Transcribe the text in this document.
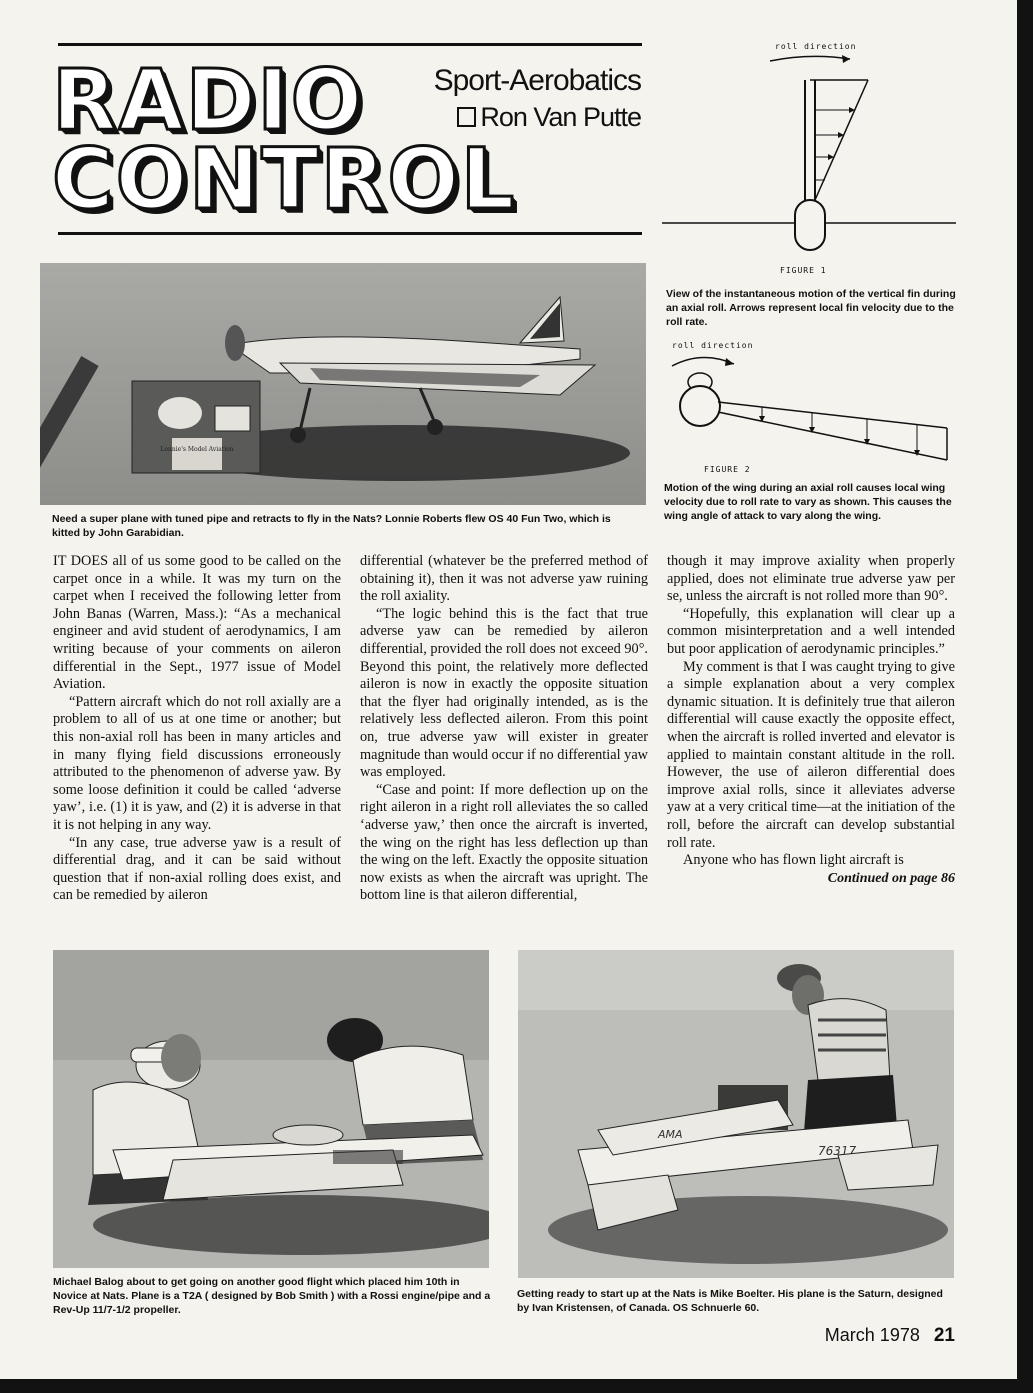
RADIO
CONTROL
Sport-Aerobatics
Ron Van Putte
roll direction
FIGURE 1
View of the instantaneous motion of the vertical fin during an axial roll. Arrows represent local fin velocity due to the roll rate.
roll direction
FIGURE 2
Motion of the wing during an axial roll causes local wing velocity due to roll rate to vary as shown. This causes the wing angle of attack to vary along the wing.
Lonnie's Model Aviation
Need a super plane with tuned pipe and retracts to fly in the Nats? Lonnie Roberts flew OS 40 Fun Two, which is kitted by John Garabidian.

IT DOES all of us some good to be called on the carpet once in a while. It was my turn on the carpet when I received the following letter from John Banas (Warren, Mass.): “As a mechanical engineer and avid student of aerodynamics, I am writing because of your comments on aileron differential in the Sept., 1977 issue of Model Aviation.

“Pattern aircraft which do not roll axially are a problem to all of us at one time or another; but this non-axial roll has been in many articles and in many flying field discussions erroneously attributed to the phenomenon of adverse yaw. By some loose definition it could be called ‘adverse yaw’, i.e. (1) it is yaw, and (2) it is adverse in that it is not helping in any way.

“In any case, true adverse yaw is a result of differential drag, and it can be said without question that if non-axial rolling does exist, and can be remedied by aileron

differential (whatever be the preferred method of obtaining it), then it was not adverse yaw ruining the roll axiality.

“The logic behind this is the fact that true adverse yaw can be remedied by aileron differential, provided the roll does not exceed 90°. Beyond this point, the relatively more deflected aileron is now in exactly the opposite situation that the flyer had originally intended, as is the relatively less deflected aileron. From this point on, true adverse yaw will exister in greater magnitude than would occur if no differential yaw was employed.

“Case and point: If more deflection up on the right aileron in a right roll alleviates the so called ‘adverse yaw,’ then once the aircraft is inverted, the wing on the right has less deflection up than the wing on the left. Exactly the opposite situation now exists as when the aircraft was upright. The bottom line is that aileron differential,

though it may improve axiality when properly applied, does not eliminate true adverse yaw per se, unless the aircraft is not rolled more than 90°.

“Hopefully, this explanation will clear up a common misinterpretation and a well intended but poor application of aerodynamic principles.”

My comment is that I was caught trying to give a simple explanation about a very complex dynamic situation. It is definitely true that aileron differential will cause exactly the opposite effect, when the aircraft is rolled inverted and elevator is applied to maintain constant altitude in the roll. However, the use of aileron differential does improve axial rolls, since it alleviates adverse yaw at a very critical time—at the initiation of the roll, before the aircraft can develop substantial roll rate.

Anyone who has flown light aircraft is

Continued on page 86
Michael Balog about to get going on another good flight which placed him 10th in Novice at Nats. Plane is a T2A ( designed by Bob Smith ) with a Rossi engine/pipe and a Rev-Up 11/7-1/2 propeller.
AMA
76317
Getting ready to start up at the Nats is Mike Boelter. His plane is the Saturn, designed by Ivan Kristensen, of Canada. OS Schnuerle 60.
March 1978 21
